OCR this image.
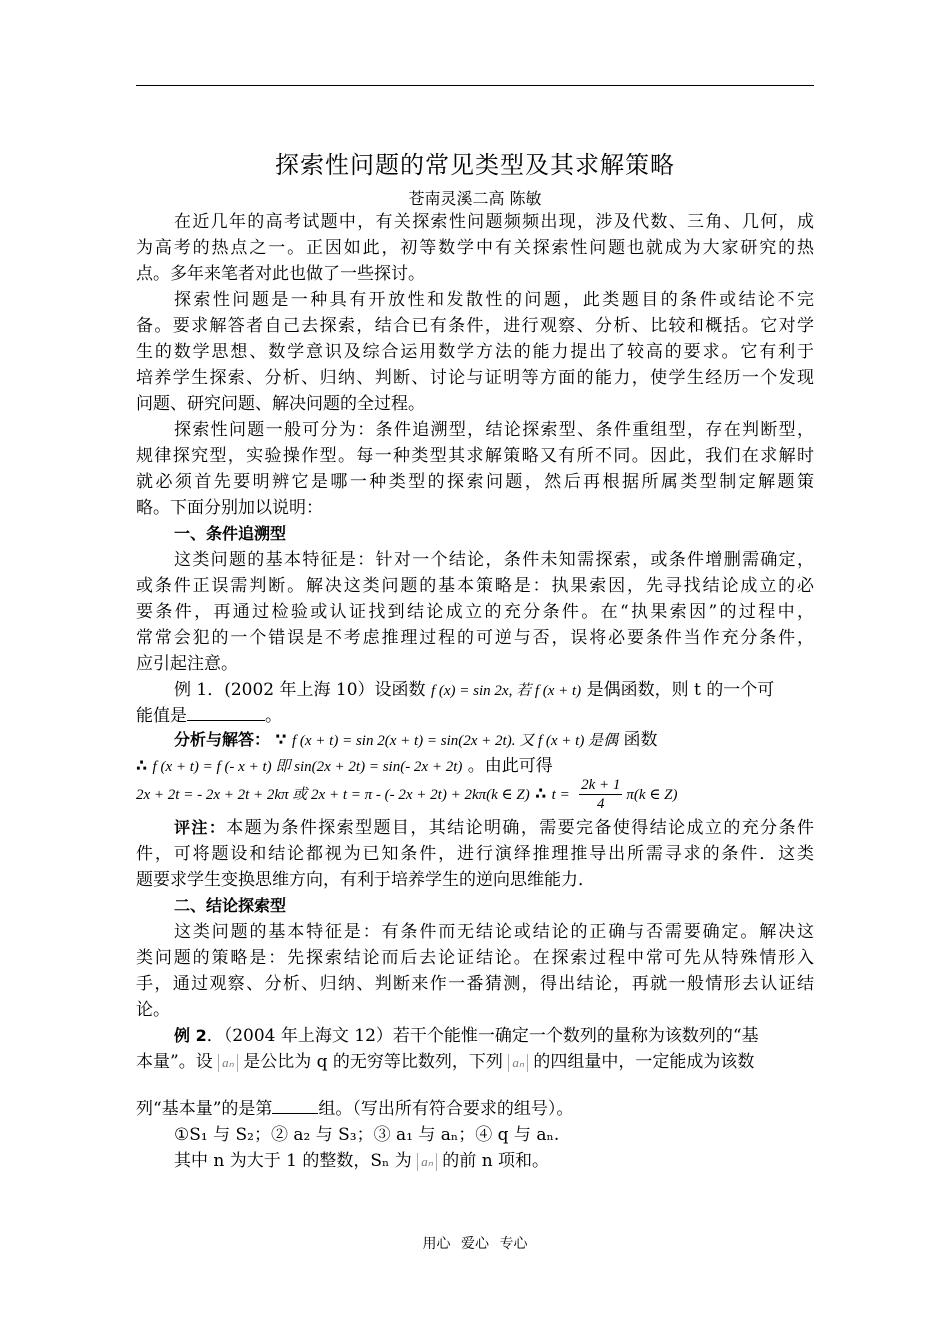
探索性问题的常见类型及其求解策略
苍南灵溪二高 陈敏
在近几年的高考试题中，有关探索性问题频频出现，涉及代数、三角、几何，成
为高考的热点之一。正因如此，初等数学中有关探索性问题也就成为大家研究的热
点。多年来笔者对此也做了一些探讨。
探索性问题是一种具有开放性和发散性的问题，此类题目的条件或结论不完
备。要求解答者自己去探索，结合已有条件，进行观察、分析、比较和概括。它对学
生的数学思想、数学意识及综合运用数学方法的能力提出了较高的要求。它有利于
培养学生探索、分析、归纳、判断、讨论与证明等方面的能力，使学生经历一个发现
问题、研究问题、解决问题的全过程。
探索性问题一般可分为：条件追溯型，结论探索型、条件重组型，存在判断型，
规律探究型，实验操作型。每一种类型其求解策略又有所不同。因此，我们在求解时
就必须首先要明辨它是哪一种类型的探索问题，然后再根据所属类型制定解题策
略。下面分别加以说明：
一、条件追溯型
这类问题的基本特征是：针对一个结论，条件未知需探索，或条件增删需确定，
或条件正误需判断。解决这类问题的基本策略是：执果索因，先寻找结论成立的必
要条件，再通过检验或认证找到结论成立的充分条件。在“执果索因”的过程中，
常常会犯的一个错误是不考虑推理过程的可逆与否，误将必要条件当作充分条件，
应引起注意。
例 1．(2002 年上海 10）设函数 f (x) = sin 2x, 若 f (x + t) 是偶函数，则 t 的一个可
能值是	。
分析与解答： ∵ f (x + t) = sin 2(x + t) = sin(2x + 2t). 又 f (x + t) 是偶 函数
∴ f (x + t) = f (- x + t) 即 sin(2x + 2t) = sin(- 2x + 2t) 。由此可得
2x + 2t = - 2x + 2t + 2kπ 或 2x + t = π - (- 2x + 2t) + 2kπ(k ∈ Z) ∴ $t = \frac{2k + 1}{4} \pi(k$ ∈ Z)
评注：本题为条件探索型题目，其结论明确，需要完备使得结论成立的充分条件
件，可将题设和结论都视为已知条件，进行演绎推理推导出所需寻求的条件．这类
题要求学生变换思维方向，有利于培养学生的逆向思维能力．
二、结论探索型
这类问题的基本特征是：有条件而无结论或结论的正确与否需要确定。解决这
类问题的策略是：先探索结论而后去论证结论。在探索过程中常可先从特殊情形入
手，通过观察、分析、归纳、判断来作一番猜测，得出结论，再就一般情形去认证结
论。
例 2．（2004 年上海文 12）若干个能惟一确定一个数列的量称为该数列的“基
本量”。设 aₙ 是公比为 q 的无穷等比数列，下列 aₙ 的四组量中，一定能成为该数
列“基本量”的是第	组。（写出所有符合要求的组号）。
①S₁ 与 S₂；② a₂ 与 S₃；③ a₁ 与 aₙ；④ q 与 aₙ.
其中 n 为大于 1 的整数，Sₙ 为 aₙ 的前 n 项和。
用心 爱心 专心
